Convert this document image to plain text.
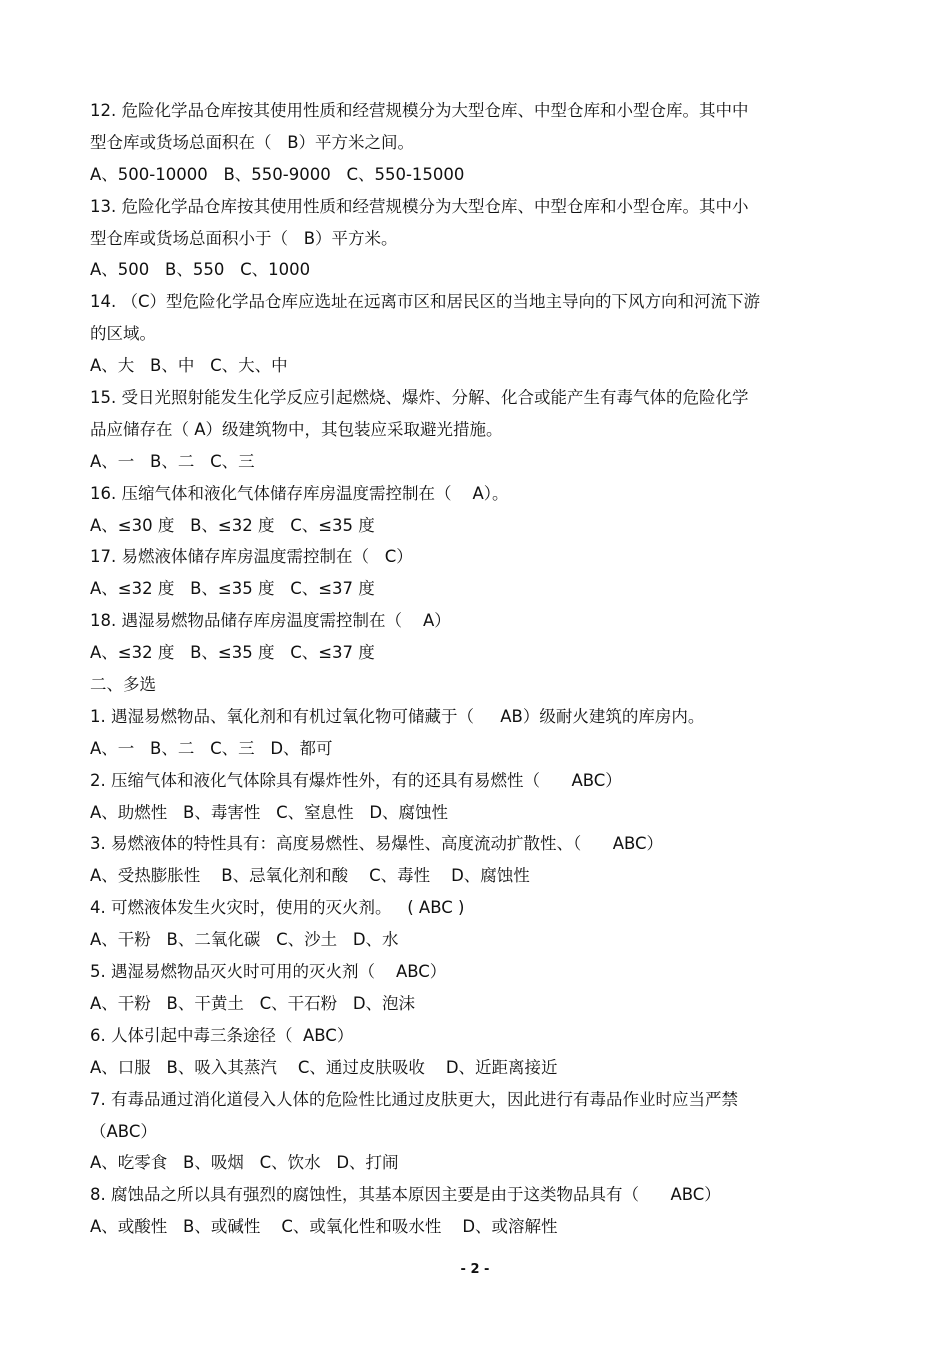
12. 危险化学品仓库按其使用性质和经营规模分为大型仓库、中型仓库和小型仓库。其中中
型仓库或货场总面积在（   B）平方米之间。
A、500-10000   B、550-9000   C、550-15000
13. 危险化学品仓库按其使用性质和经营规模分为大型仓库、中型仓库和小型仓库。其中小
型仓库或货场总面积小于（   B）平方米。
A、500   B、550   C、1000
14. （C）型危险化学品仓库应选址在远离市区和居民区的当地主导向的下风方向和河流下游
的区域。
A、大   B、中   C、大、中
15. 受日光照射能发生化学反应引起燃烧、爆炸、分解、化合或能产生有毒气体的危险化学
品应储存在（ A）级建筑物中，其包装应采取避光措施。
A、一   B、二   C、三
16. 压缩气体和液化气体储存库房温度需控制在（    A）。
A、≤30 度   B、≤32 度   C、≤35 度
17. 易燃液体储存库房温度需控制在（   C）
A、≤32 度   B、≤35 度   C、≤37 度
18. 遇湿易燃物品储存库房温度需控制在（    A）
A、≤32 度   B、≤35 度   C、≤37 度
二、多选
1. 遇湿易燃物品、氧化剂和有机过氧化物可储藏于（     AB）级耐火建筑的库房内。
A、一   B、二   C、三   D、都可
2. 压缩气体和液化气体除具有爆炸性外，有的还具有易燃性（      ABC）
A、助燃性   B、毒害性   C、窒息性   D、腐蚀性
3. 易燃液体的特性具有：高度易燃性、易爆性、高度流动扩散性、（      ABC）
A、受热膨胀性    B、忌氧化剂和酸    C、毒性    D、腐蚀性
4. 可燃液体发生火灾时，使用的灭火剂。   ( ABC )
A、干粉   B、二氧化碳   C、沙土   D、水
5. 遇湿易燃物品灭火时可用的灭火剂（    ABC）
A、干粉   B、干黄土   C、干石粉   D、泡沫
6. 人体引起中毒三条途径（  ABC）
A、口服   B、吸入其蒸汽    C、通过皮肤吸收    D、近距离接近
7. 有毒品通过消化道侵入人体的危险性比通过皮肤更大，因此进行有毒品作业时应当严禁
（ABC）
A、吃零食   B、吸烟   C、饮水   D、打闹
8. 腐蚀品之所以具有强烈的腐蚀性，其基本原因主要是由于这类物品具有（      ABC）
A、或酸性   B、或碱性    C、或氧化性和吸水性    D、或溶解性
- 2 -
